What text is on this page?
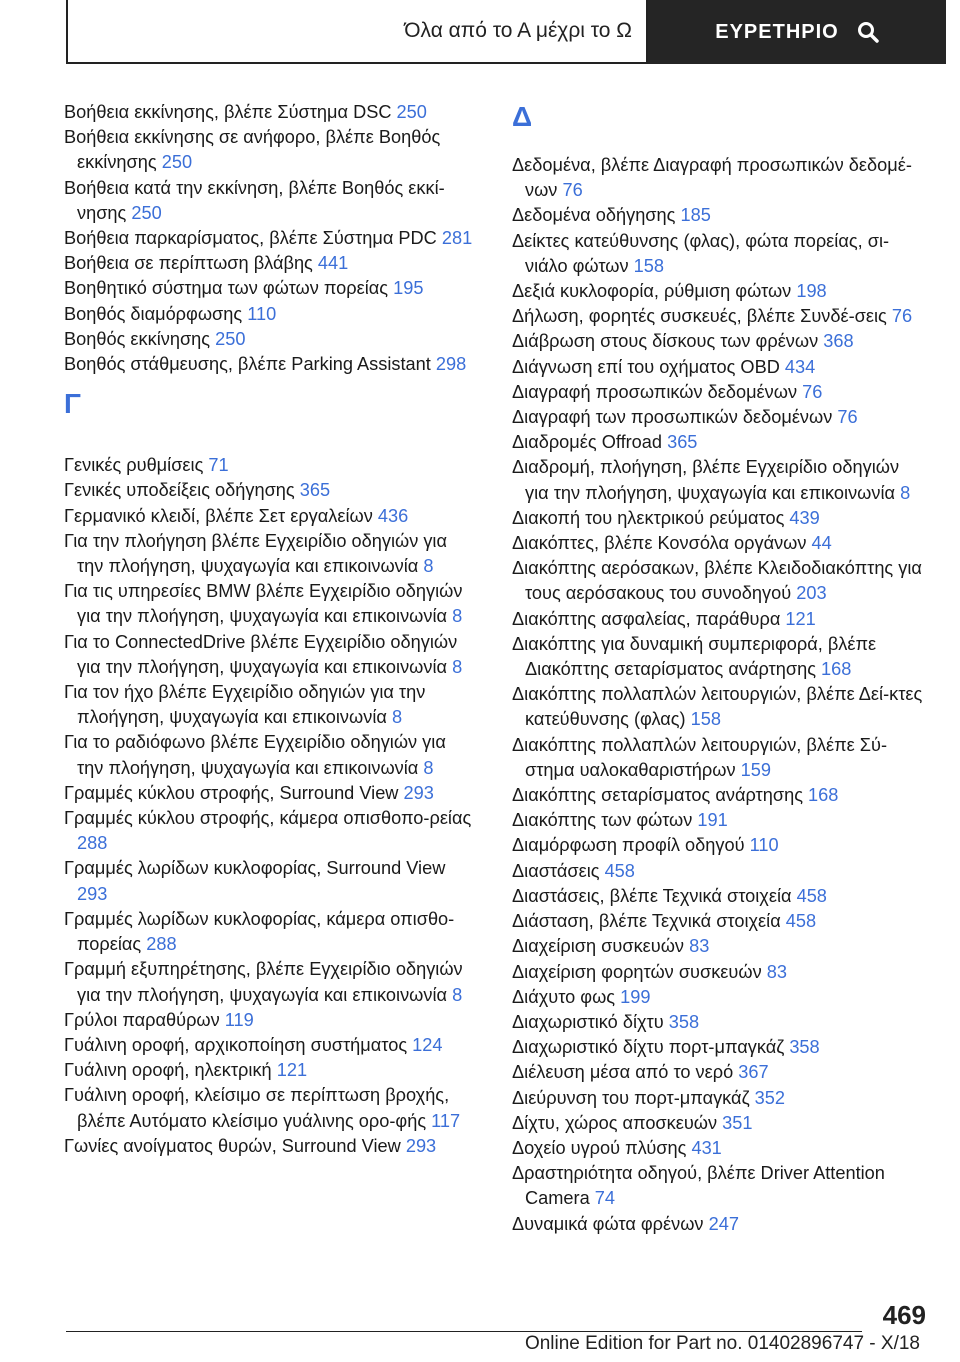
Όλα από το Α μέχρι το Ω	ΕΥΡΕΤΗΡΙΟ
Βοήθεια εκκίνησης, βλέπε Σύστημα DSC 250
Βοήθεια εκκίνησης σε ανήφορο, βλέπε Βοηθός εκκίνησης 250
Βοήθεια κατά την εκκίνηση, βλέπε Βοηθός εκκί-νησης 250
Βοήθεια παρκαρίσματος, βλέπε Σύστημα PDC 281
Βοήθεια σε περίπτωση βλάβης 441
Βοηθητικό σύστημα των φώτων πορείας 195
Βοηθός διαμόρφωσης 110
Βοηθός εκκίνησης 250
Βοηθός στάθμευσης, βλέπε Parking Assistant 298
Γ
Γενικές ρυθμίσεις 71
Γενικές υποδείξεις οδήγησης 365
Γερμανικό κλειδί, βλέπε Σετ εργαλείων 436
Για την πλοήγηση βλέπε Εγχειρίδιο οδηγιών για την πλοήγηση, ψυχαγωγία και επικοινωνία 8
Για τις υπηρεσίες BMW βλέπε Εγχειρίδιο οδηγιών για την πλοήγηση, ψυχαγωγία και επικοινωνία 8
Για το ConnectedDrive βλέπε Εγχειρίδιο οδηγιών για την πλοήγηση, ψυχαγωγία και επικοινωνία 8
Για τον ήχο βλέπε Εγχειρίδιο οδηγιών για την πλοήγηση, ψυχαγωγία και επικοινωνία 8
Για το ραδιόφωνο βλέπε Εγχειρίδιο οδηγιών για την πλοήγηση, ψυχαγωγία και επικοινωνία 8
Γραμμές κύκλου στροφής, Surround View 293
Γραμμές κύκλου στροφής, κάμερα οπισθοπο-ρείας 288
Γραμμές λωρίδων κυκλοφορίας, Surround View 293
Γραμμές λωρίδων κυκλοφορίας, κάμερα οπισθο-πορείας 288
Γραμμή εξυπηρέτησης, βλέπε Εγχειρίδιο οδηγιών για την πλοήγηση, ψυχαγωγία και επικοινωνία 8
Γρύλοι παραθύρων 119
Γυάλινη οροφή, αρχικοποίηση συστήματος 124
Γυάλινη οροφή, ηλεκτρική 121
Γυάλινη οροφή, κλείσιμο σε περίπτωση βροχής, βλέπε Αυτόματο κλείσιμο γυάλινης ορο-φής 117
Γωνίες ανοίγματος θυρών, Surround View 293
Δ
Δεδομένα, βλέπε Διαγραφή προσωπικών δεδομέ-νων 76
Δεδομένα οδήγησης 185
Δείκτες κατεύθυνσης (φλας), φώτα πορείας, σι-νιάλο φώτων 158
Δεξιά κυκλοφορία, ρύθμιση φώτων 198
Δήλωση, φορητές συσκευές, βλέπε Συνδέ-σεις 76
Διάβρωση στους δίσκους των φρένων 368
Διάγνωση επί του οχήματος OBD 434
Διαγραφή προσωπικών δεδομένων 76
Διαγραφή των προσωπικών δεδομένων 76
Διαδρομές Offroad 365
Διαδρομή, πλοήγηση, βλέπε Εγχειρίδιο οδηγιών για την πλοήγηση, ψυχαγωγία και επικοινωνία 8
Διακοπή του ηλεκτρικού ρεύματος 439
Διακόπτες, βλέπε Κονσόλα οργάνων 44
Διακόπτης αερόσακων, βλέπε Κλειδοδιακόπτης για τους αερόσακους του συνοδηγού 203
Διακόπτης ασφαλείας, παράθυρα 121
Διακόπτης για δυναμική συμπεριφορά, βλέπε Διακόπτης σεταρίσματος ανάρτησης 168
Διακόπτης πολλαπλών λειτουργιών, βλέπε Δεί-κτες κατεύθυνσης (φλας) 158
Διακόπτης πολλαπλών λειτουργιών, βλέπε Σύ-στημα υαλοκαθαριστήρων 159
Διακόπτης σεταρίσματος ανάρτησης 168
Διακόπτης των φώτων 191
Διαμόρφωση προφίλ οδηγού 110
Διαστάσεις 458
Διαστάσεις, βλέπε Τεχνικά στοιχεία 458
Διάσταση, βλέπε Τεχνικά στοιχεία 458
Διαχείριση συσκευών 83
Διαχείριση φορητών συσκευών 83
Διάχυτο φως 199
Διαχωριστικό δίχτυ 358
Διαχωριστικό δίχτυ πορτ-μπαγκάζ 358
Διέλευση μέσα από το νερό 367
Διεύρυνση του πορτ-μπαγκάζ 352
Δίχτυ, χώρος αποσκευών 351
Δοχείο υγρού πλύσης 431
Δραστηριότητα οδηγού, βλέπε Driver Attention Camera 74
Δυναμικά φώτα φρένων 247
469
Online Edition for Part no. 01402896747 - X/18
